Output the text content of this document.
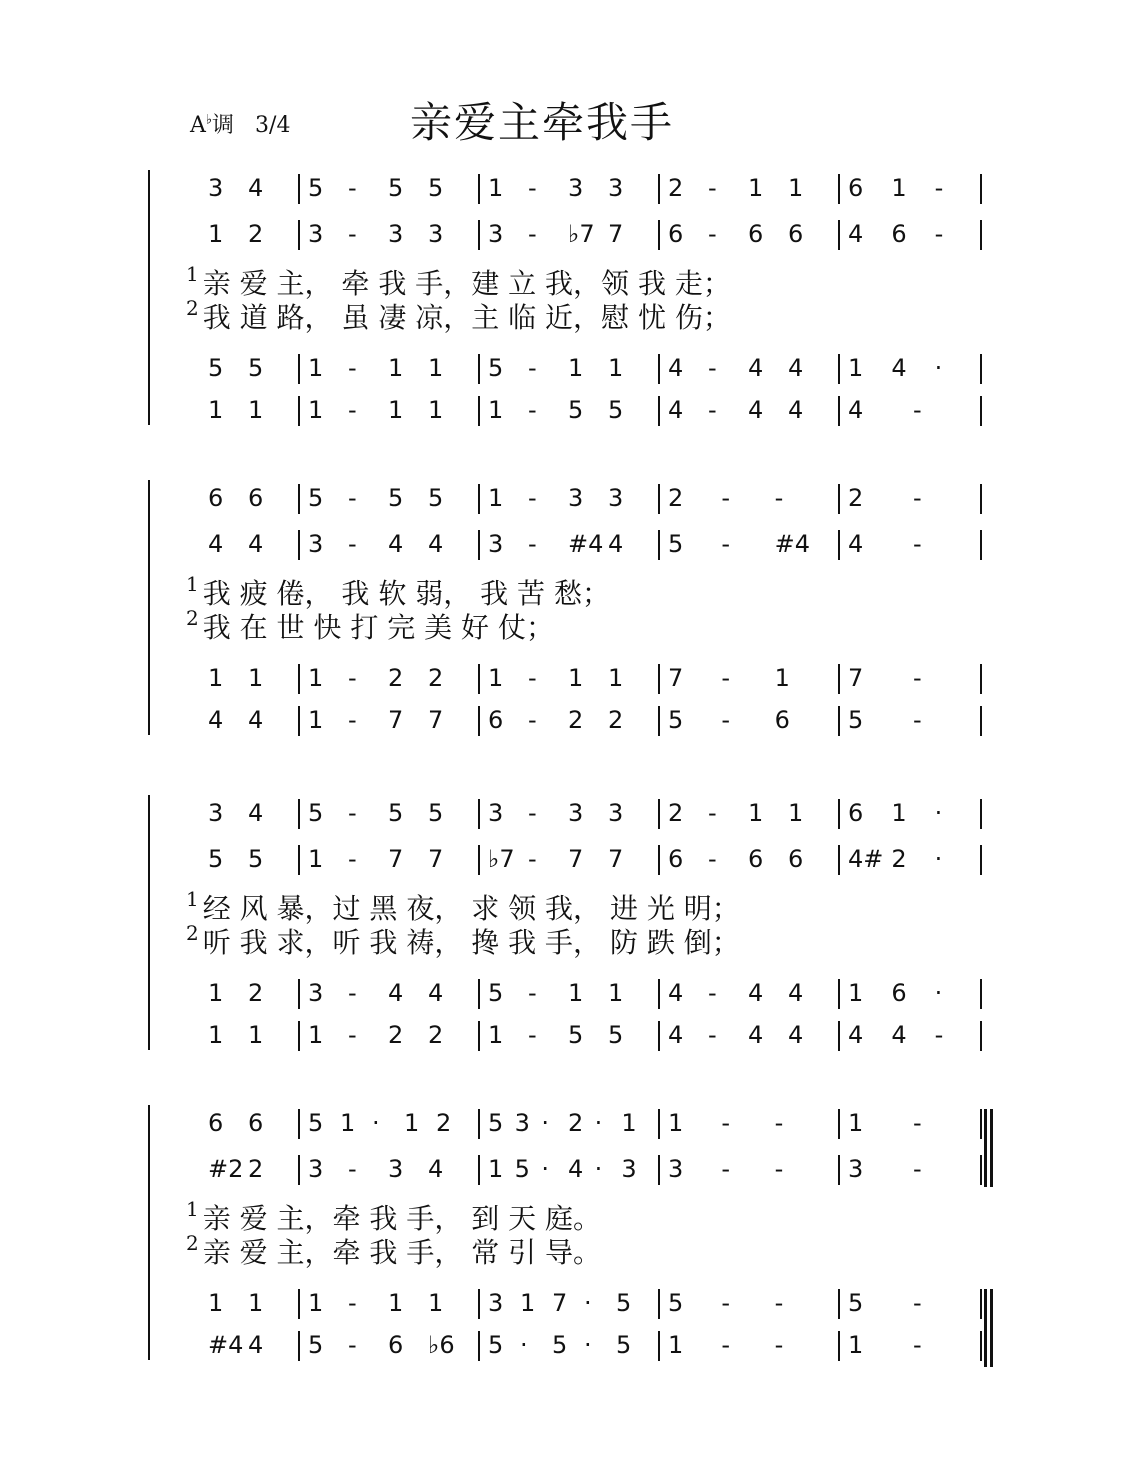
A♭调 3/4	亲爱主牵我手
3 4 5 - 5 5 1 - 3 3 2 - 1 1 6 1 -
1 2 3 - 3 3 3 - ♭7 7 6 - 6 6 4 6 -
$^1$ 亲 爱 主， 牵 我 手，建 立 我，领 我 走；
$^2$ 我 道 路， 虽 凄 凉，主 临 近，慰 忧 伤；
5 5 1 - 1 1 5 - 1 1 4 - 4 4 1 4 ·
1 1 1 - 1 1 1 - 5 5 4 - 4 4 4 -
6 6 5 - 5 5 1 - 3 3 2 - -	2 -
4 4 3 - 4 4 3 - #4 4 5 - #4 4 -
$^1$ 我 疲 倦， 我 软 弱， 我 苦 愁；
$^2$ 我 在 世 快 打 完 美 好 仗；
1 1 1 - 2 2 1 - 1 1 7 - 1 7 -
4 4 1 - 7 7 6 - 2 2 5 - 6 5 -
3 4 5 - 5 5 3 - 3 3 2 - 1 1 6 1 ·
5 5 1 - 7 7 ♭7 - 7 7 6 - 6 6 4# 2 ·
$^1$ 经 风 暴，过 黑 夜， 求 领 我， 进 光 明；
$^2$ 听 我 求，听 我 祷， 搀 我 手， 防 跌 倒；
1 2 3 - 4 4 5 - 1 1 4 - 4 4 1 6 ·
1 1 1 - 2 2 1 - 5 5 4 - 4 4 4 4 -
6 6 5 1 · 1 2 5 3 · 2 · 1 1 - -	1 -
#2 2 3 - 3 4 1 5 · 4 · 3 3 - -	3 -
$^1$ 亲 爱 主，牵 我 手， 到 天 庭。
$^2$ 亲 爱 主，牵 我 手， 常 引 导。
1 1 1 - 1 1 3 1 7 · 5 5 - -	5 -
#4 4 5 - 6 ♭6 5 · 5 · 5 1 - -	1 -
